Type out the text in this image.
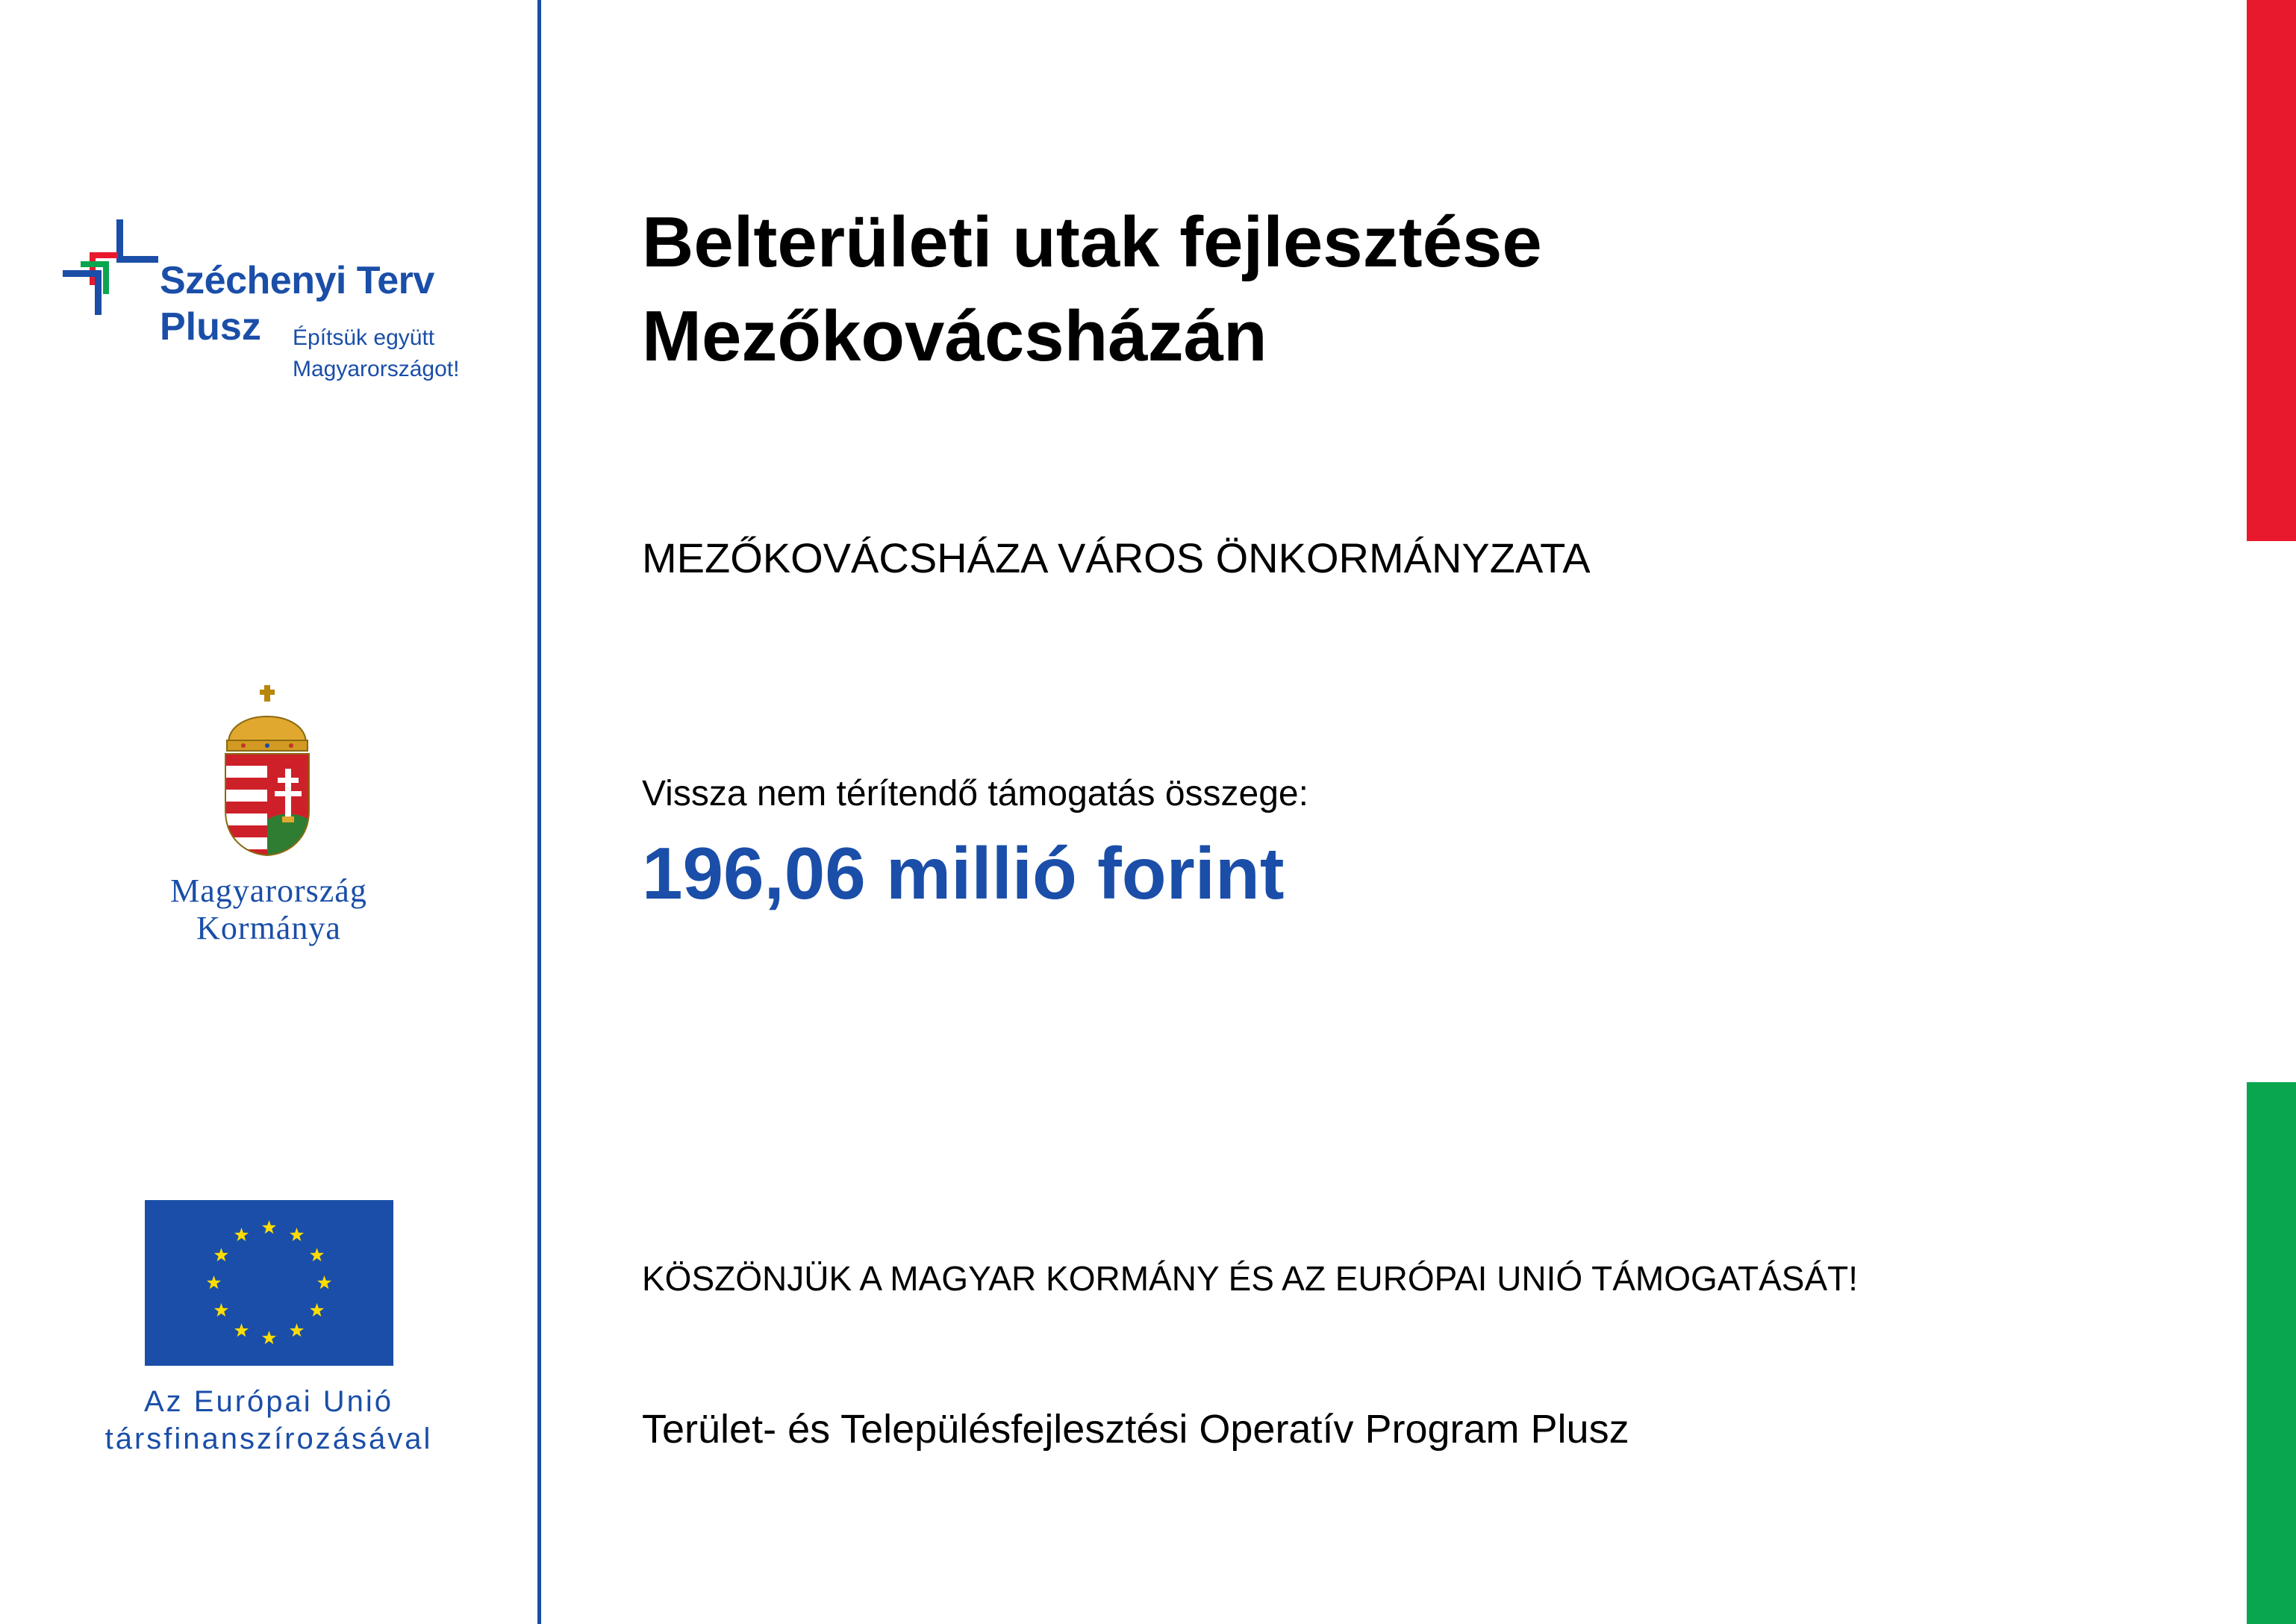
Széchenyi Terv
Plusz Építsük együtt
Magyarországot!
Magyarország
Kormánya
Az Európai Unió
társfinanszírozásával
Belterületi utak fejlesztése
Mezőkovácsházán
MEZŐKOVÁCSHÁZA VÁROS ÖNKORMÁNYZATA
Vissza nem térítendő támogatás összege:
196,06 millió forint
KÖSZÖNJÜK A MAGYAR KORMÁNY ÉS AZ EURÓPAI UNIÓ TÁMOGATÁSÁT!
Terület- és Településfejlesztési Operatív Program Plusz
